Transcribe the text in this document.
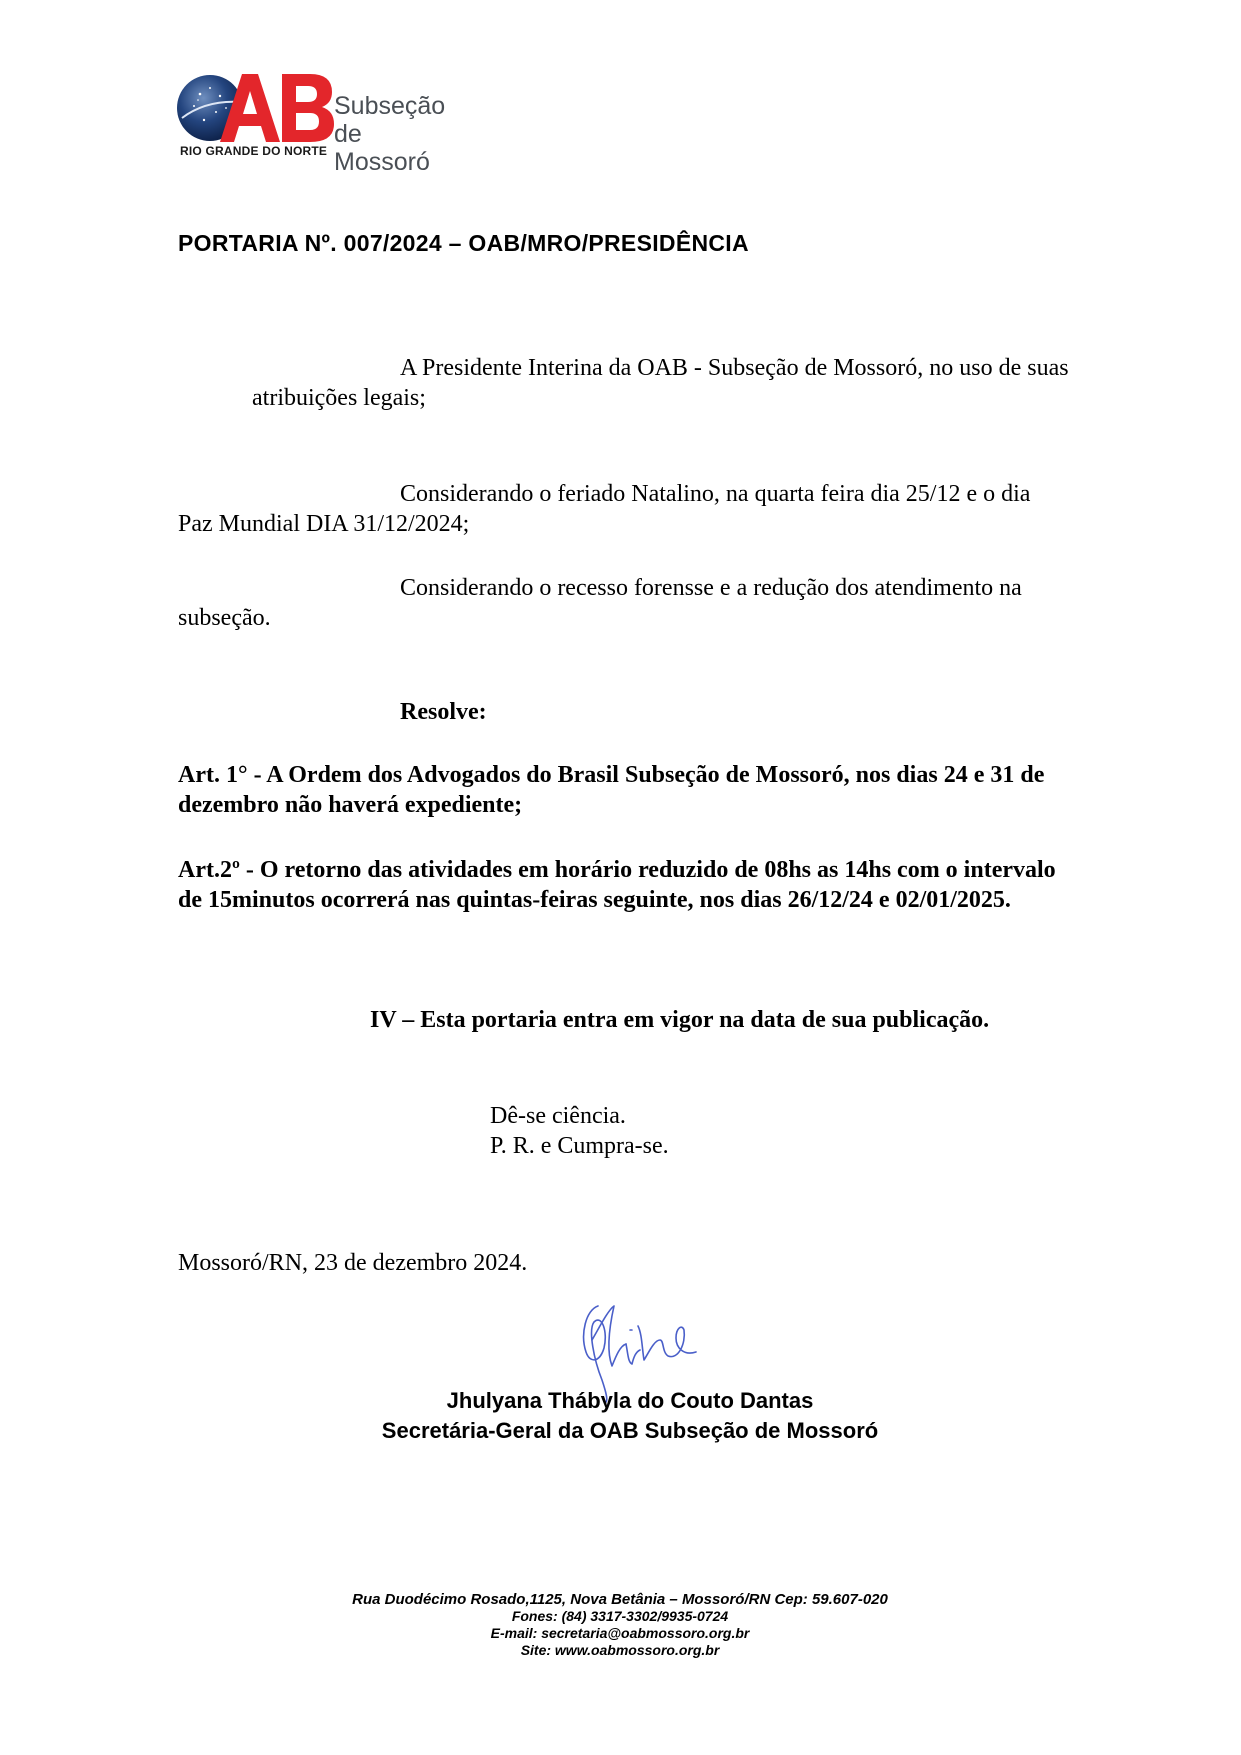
Subseção
de Mossoró
RIO GRANDE DO NORTE
PORTARIA Nº. 007/2024 – OAB/MRO/PRESIDÊNCIA
A Presidente Interina da OAB - Subseção de Mossoró, no uso de suas atribuições legais;
Considerando o feriado Natalino, na quarta feira dia 25/12 e o dia Paz Mundial DIA 31/12/2024;
Considerando o recesso forensse e a redução dos atendimento na subseção.
Resolve:
Art. 1° - A Ordem dos Advogados do Brasil Subseção de Mossoró, nos dias 24 e 31 de dezembro não haverá expediente;
Art.2º - O retorno das atividades em horário reduzido de 08hs as 14hs com o intervalo de 15minutos ocorrerá nas quintas-feiras seguinte, nos dias 26/12/24 e 02/01/2025.
IV – Esta portaria entra em vigor na data de sua publicação.
Dê-se ciência.
P. R. e Cumpra-se.
Mossoró/RN, 23 de dezembro 2024.
Jhulyana Thábyla do Couto Dantas
Secretária-Geral da OAB Subseção de Mossoró
Rua Duodécimo Rosado,1125, Nova Betânia – Mossoró/RN Cep: 59.607-020
Fones: (84) 3317-3302/9935-0724
E-mail: secretaria@oabmossoro.org.br
Site: www.oabmossoro.org.br
